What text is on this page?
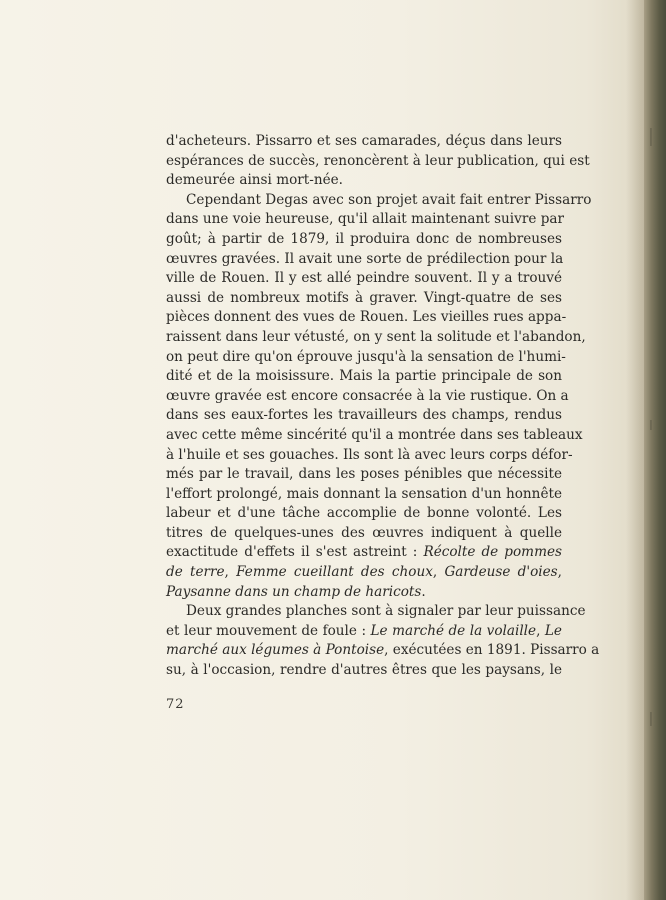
d'acheteurs. Pissarro et ses camarades, déçus dans leurs
espérances de succès, renoncèrent à leur publication, qui est
demeurée ainsi mort-née.
Cependant Degas avec son projet avait fait entrer Pissarro
dans une voie heureuse, qu'il allait maintenant suivre par
goût; à partir de 1879, il produira donc de nombreuses
œuvres gravées. Il avait une sorte de prédilection pour la
ville de Rouen. Il y est allé peindre souvent. Il y a trouvé
aussi de nombreux motifs à graver. Vingt-quatre de ses
pièces donnent des vues de Rouen. Les vieilles rues appa-
raissent dans leur vétusté, on y sent la solitude et l'abandon,
on peut dire qu'on éprouve jusqu'à la sensation de l'humi-
dité et de la moisissure. Mais la partie principale de son
œuvre gravée est encore consacrée à la vie rustique. On a
dans ses eaux-fortes les travailleurs des champs, rendus
avec cette même sincérité qu'il a montrée dans ses tableaux
à l'huile et ses gouaches. Ils sont là avec leurs corps défor-
més par le travail, dans les poses pénibles que nécessite
l'effort prolongé, mais donnant la sensation d'un honnête
labeur et d'une tâche accomplie de bonne volonté. Les
titres de quelques-unes des œuvres indiquent à quelle
exactitude d'effets il s'est astreint : Récolte de pommes
de terre, Femme cueillant des choux, Gardeuse d'oies,
Paysanne dans un champ de haricots.
Deux grandes planches sont à signaler par leur puissance
et leur mouvement de foule : Le marché de la volaille, Le
marché aux légumes à Pontoise, exécutées en 1891. Pissarro a
su, à l'occasion, rendre d'autres êtres que les paysans, le
72
